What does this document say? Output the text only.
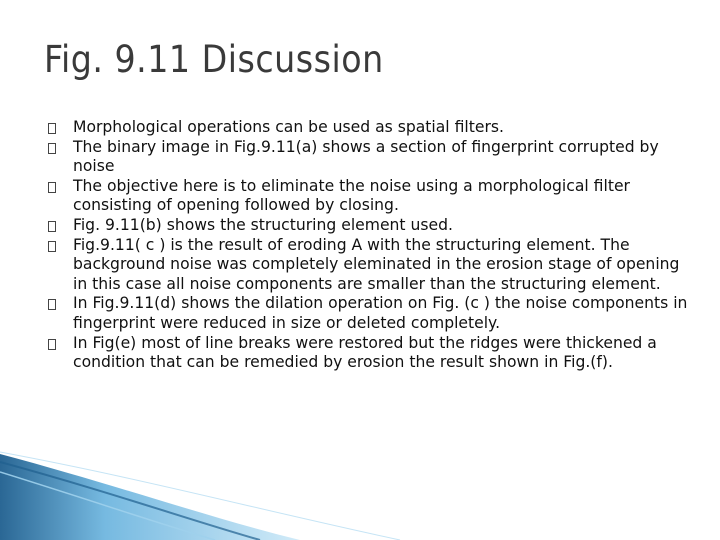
Fig. 9.11 Discussion
Morphological operations can be used as spatial filters.
The binary image in Fig.9.11(a) shows a section of fingerprint corrupted by noise
The objective here is to eliminate the noise using a morphological filter consisting of opening followed by closing.
Fig. 9.11(b) shows the structuring element used.
Fig.9.11( c ) is the result of eroding A with the structuring element. The background noise was completely eleminated in the erosion stage of opening in this case all noise components are smaller than the structuring element.
In Fig.9.11(d) shows the dilation operation on Fig. (c ) the noise components in fingerprint were reduced in size or deleted completely.
In Fig(e) most of line breaks were restored but the ridges were thickened a condition that can be remedied by erosion the result shown in Fig.(f).
